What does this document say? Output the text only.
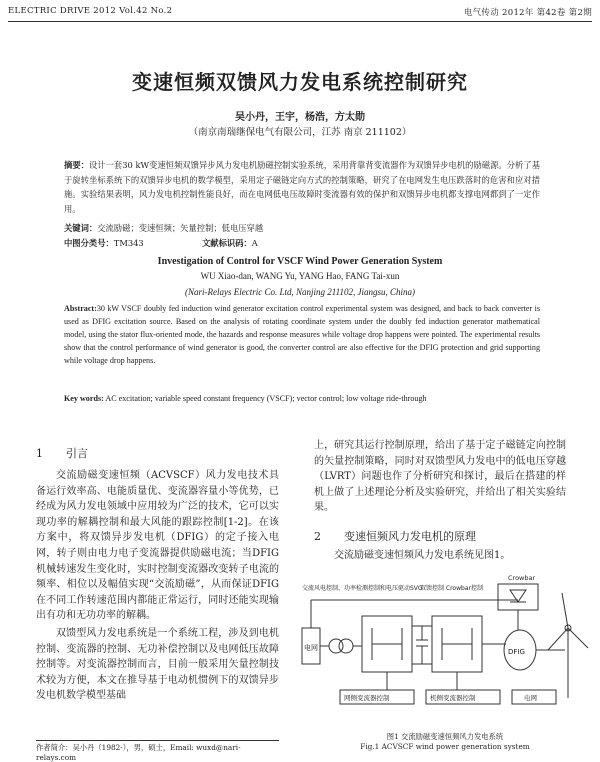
ELECTRIC DRIVE 2012 Vol.42 No.2	电气传动 2012年 第42卷 第2期
变速恒频双馈风力发电系统控制研究
吴小丹，王宇，杨浩，方太勋
（南京南瑞继保电气有限公司，江苏 南京 211102）
摘要：设计一套30 kW变速恒频双馈异步风力发电机励磁控制实验系统，采用背靠背变流器作为双馈异步电机的励磁源。分析了基于旋转坐标系统下的双馈异步电机的数学模型，采用定子磁链定向方式的控制策略，研究了在电网发生电压跌落时的危害和应对措施。实验结果表明，风力发电机控制性能良好，而在电网低电压故障时变流器有效的保护和双馈异步电机都支撑电网都到了一定作用。
关键词：交流励磁；变速恒频；矢量控制；低电压穿越
中图分类号：TM343	文献标识码：A
Investigation of Control for VSCF Wind Power Generation System
WU Xiao-dan, WANG Yu, YANG Hao, FANG Tai-xun
(Nari-Relays Electric Co. Ltd, Nanjing 211102, Jiangsu, China)
Abstract:30 kW VSCF doubly fed induction wind generator excitation control experimental system was designed, and back to back converter is used as DFIG excitation source. Based on the analysis of rotating coordinate system under the doubly fed induction generator mathematical model, using the stator flux-oriented mode, the hazards and response measures while voltage drop happens were pointed. The experimental results show that the control performance of wind generator is good, the converter control are also effective for the DFIG protection and grid supporting while voltage drop happens.
Key words: AC excitation; variable speed constant frequency (VSCF); vector control; low voltage ride-through
1 引言
交流励磁变速恒频（ACVSCF）风力发电技术具备运行效率高、电能质量优、变流器容量小等优势，已经成为风力发电领域中应用较为广泛的技术，它可以实现功率的解耦控制和最大风能的跟踪控制[1-2]。在该方案中，将双馈异步发电机（DFIG）的定子接入电网，转子则由电力电子变流器提供励磁电流；当DFIG机械转速发生变化时，实时控制变流器改变转子电流的频率、相位以及幅值实现“交流励磁”，从而保证DFIG在不同工作转速范围内都能正常运行，同时还能实现输出有功和无功功率的解耦。
双馈型风力发电系统是一个系统工程，涉及到电机控制、变流器的控制、无功补偿控制以及电网低压故障控制等。对变流器控制而言，目前一般采用矢量控制技术较为方便，本文在推导基于电动机惯例下的双馈异步发电机数学模型基础
作者简介：吴小丹（1982-），男，硕士，Email: wuxd@nari-relays.com
上，研究其运行控制原理，给出了基于定子磁链定向控制的矢量控制策略，同时对双馈型风力发电中的低电压穿越（LVRT）问题也作了分析研究和探讨，最后在搭建的样机上做了上述理论分析及实验研究，并给出了相关实验结果。
2 变速恒频风力发电机的原理
交流励磁变速恒频风力发电系统见图1。
交流风电控制、功率检测控制和电压驱动SVG
双馈控制 Crowbar控制
Crowbar
电网	DFIG
网侧变流器控制	机侧变流器控制	电网
图1 交流励磁变速恒频风力发电系统
Fig.1 ACVSCF wind power generation system
